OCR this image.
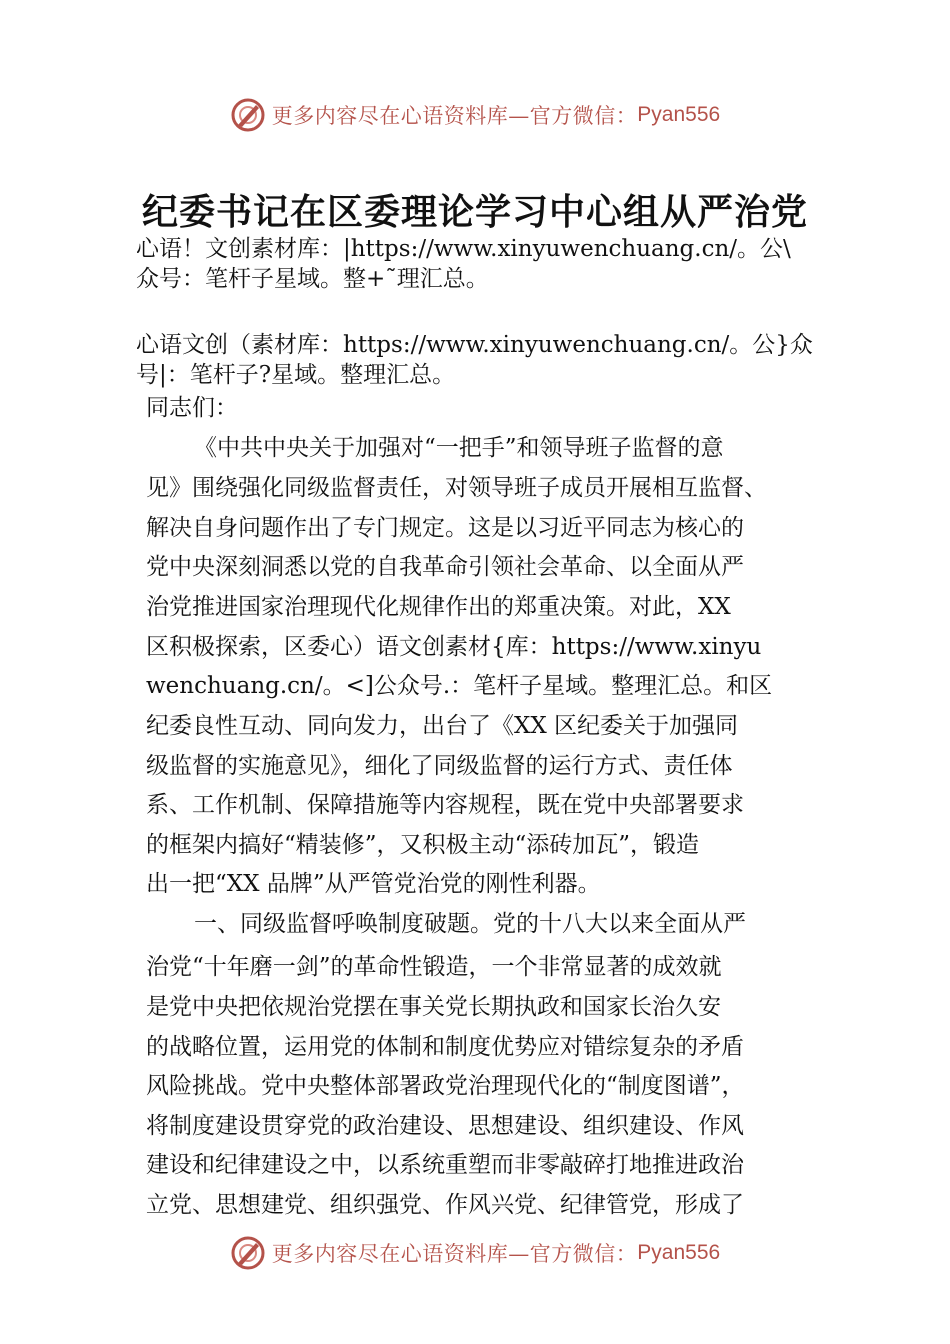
更多内容尽在心语资料库—官方微信： Pyan556
纪委书记在区委理论学习中心组从严治党
心语！文创素材库：|https://www.xinyuwenchuang.cn/。公\
众号：笔杆子星域。整+˜理汇总。
心语文创（素材库：https://www.xinyuwenchuang.cn/。公}众
号|：笔杆子?星域。整理汇总。
同志们：
《中共中央关于加强对“一把手”和领导班子监督的意
见》围绕强化同级监督责任，对领导班子成员开展相互监督、
解决自身问题作出了专门规定。这是以习近平同志为核心的
党中央深刻洞悉以党的自我革命引领社会革命、以全面从严
治党推进国家治理现代化规律作出的郑重决策。对此，XX
区积极探索，区委心）语文创素材{库：https://www.xinyu
wenchuang.cn/。<]公众号.：笔杆子星域。整理汇总。和区
纪委良性互动、同向发力，出台了《XX 区纪委关于加强同
级监督的实施意见》，细化了同级监督的运行方式、责任体
系、工作机制、保障措施等内容规程，既在党中央部署要求
的框架内搞好“精装修”，又积极主动“添砖加瓦”，锻造
出一把“XX 品牌”从严管党治党的刚性利器。
一、同级监督呼唤制度破题。党的十八大以来全面从严
治党“十年磨一剑”的革命性锻造，一个非常显著的成效就
是党中央把依规治党摆在事关党长期执政和国家长治久安
的战略位置，运用党的体制和制度优势应对错综复杂的矛盾
风险挑战。党中央整体部署政党治理现代化的“制度图谱”，
将制度建设贯穿党的政治建设、思想建设、组织建设、作风
建设和纪律建设之中，以系统重塑而非零敲碎打地推进政治
立党、思想建党、组织强党、作风兴党、纪律管党，形成了
更多内容尽在心语资料库—官方微信： Pyan556
